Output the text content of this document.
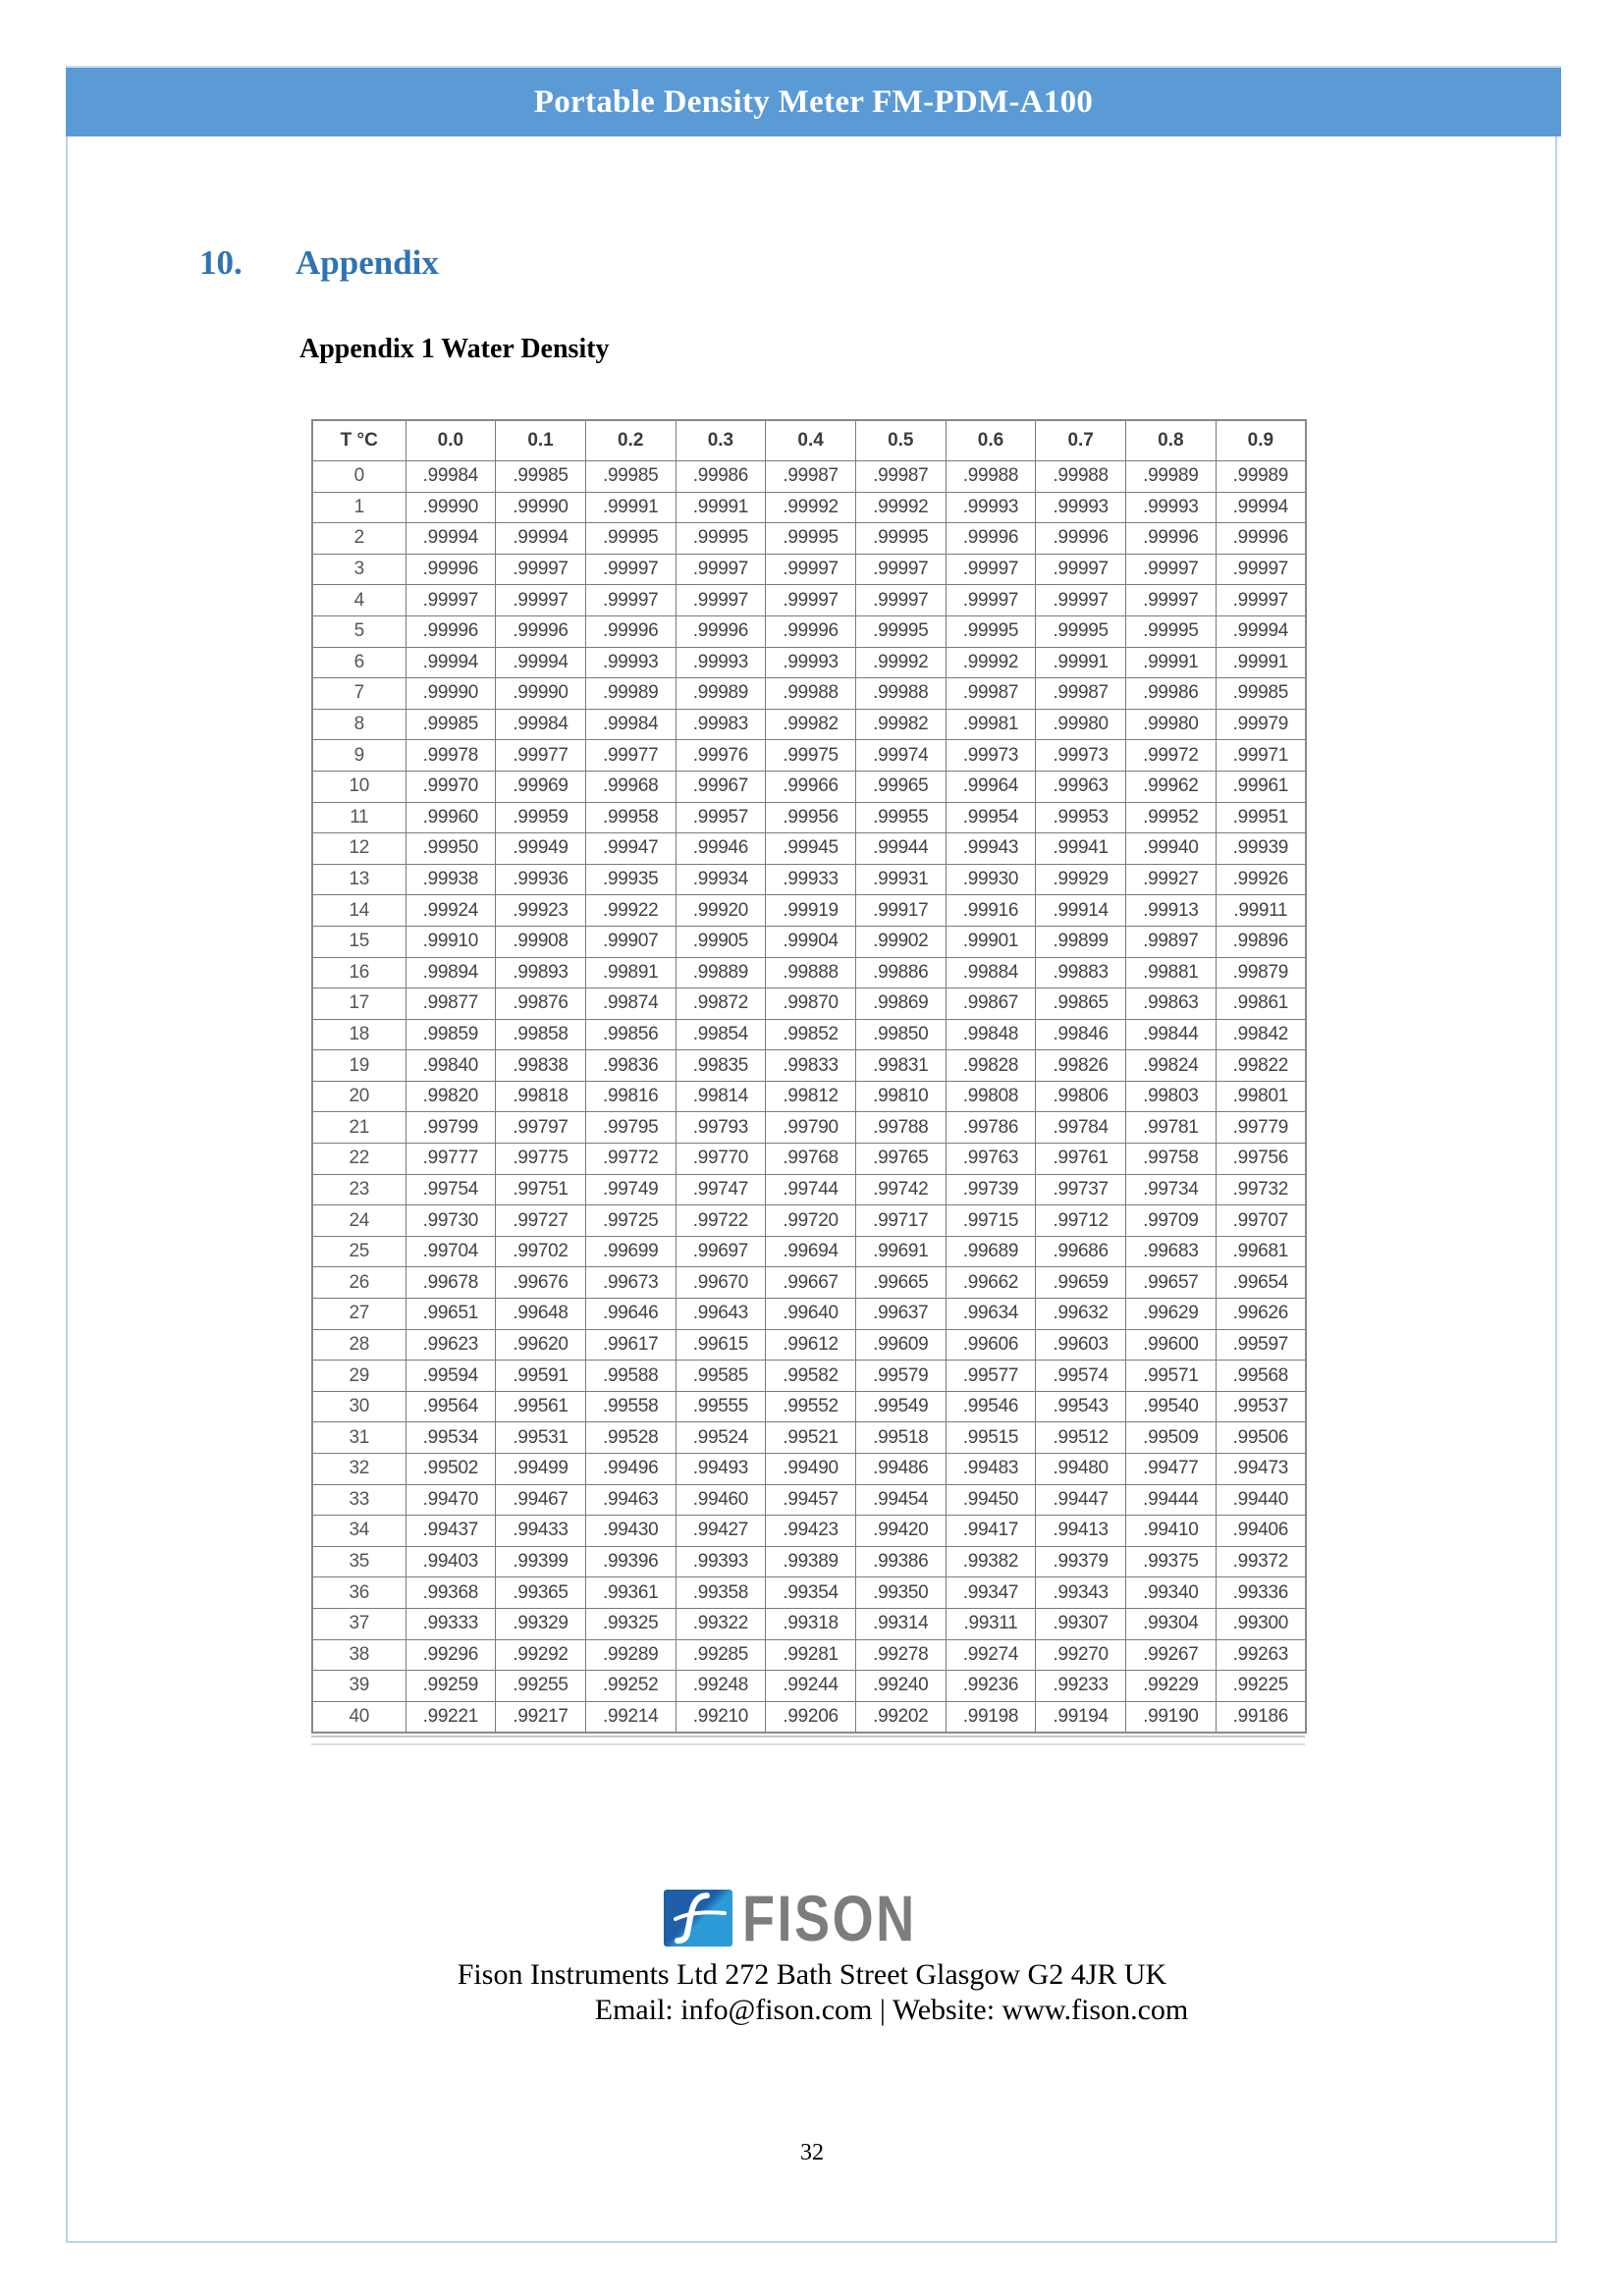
Portable Density Meter FM-PDM-A100
10.	Appendix
Appendix 1 Water Density
T °C	0.0	0.1	0.2	0.3	0.4	0.5	0.6	0.7	0.8	0.9
0	.99984	.99985	.99985	.99986	.99987	.99987	.99988	.99988	.99989	.99989
1	.99990	.99990	.99991	.99991	.99992	.99992	.99993	.99993	.99993	.99994
2	.99994	.99994	.99995	.99995	.99995	.99995	.99996	.99996	.99996	.99996
3	.99996	.99997	.99997	.99997	.99997	.99997	.99997	.99997	.99997	.99997
4	.99997	.99997	.99997	.99997	.99997	.99997	.99997	.99997	.99997	.99997
5	.99996	.99996	.99996	.99996	.99996	.99995	.99995	.99995	.99995	.99994
6	.99994	.99994	.99993	.99993	.99993	.99992	.99992	.99991	.99991	.99991
7	.99990	.99990	.99989	.99989	.99988	.99988	.99987	.99987	.99986	.99985
8	.99985	.99984	.99984	.99983	.99982	.99982	.99981	.99980	.99980	.99979
9	.99978	.99977	.99977	.99976	.99975	.99974	.99973	.99973	.99972	.99971
10	.99970	.99969	.99968	.99967	.99966	.99965	.99964	.99963	.99962	.99961
11	.99960	.99959	.99958	.99957	.99956	.99955	.99954	.99953	.99952	.99951
12	.99950	.99949	.99947	.99946	.99945	.99944	.99943	.99941	.99940	.99939
13	.99938	.99936	.99935	.99934	.99933	.99931	.99930	.99929	.99927	.99926
14	.99924	.99923	.99922	.99920	.99919	.99917	.99916	.99914	.99913	.99911
15	.99910	.99908	.99907	.99905	.99904	.99902	.99901	.99899	.99897	.99896
16	.99894	.99893	.99891	.99889	.99888	.99886	.99884	.99883	.99881	.99879
17	.99877	.99876	.99874	.99872	.99870	.99869	.99867	.99865	.99863	.99861
18	.99859	.99858	.99856	.99854	.99852	.99850	.99848	.99846	.99844	.99842
19	.99840	.99838	.99836	.99835	.99833	.99831	.99828	.99826	.99824	.99822
20	.99820	.99818	.99816	.99814	.99812	.99810	.99808	.99806	.99803	.99801
21	.99799	.99797	.99795	.99793	.99790	.99788	.99786	.99784	.99781	.99779
22	.99777	.99775	.99772	.99770	.99768	.99765	.99763	.99761	.99758	.99756
23	.99754	.99751	.99749	.99747	.99744	.99742	.99739	.99737	.99734	.99732
24	.99730	.99727	.99725	.99722	.99720	.99717	.99715	.99712	.99709	.99707
25	.99704	.99702	.99699	.99697	.99694	.99691	.99689	.99686	.99683	.99681
26	.99678	.99676	.99673	.99670	.99667	.99665	.99662	.99659	.99657	.99654
27	.99651	.99648	.99646	.99643	.99640	.99637	.99634	.99632	.99629	.99626
28	.99623	.99620	.99617	.99615	.99612	.99609	.99606	.99603	.99600	.99597
29	.99594	.99591	.99588	.99585	.99582	.99579	.99577	.99574	.99571	.99568
30	.99564	.99561	.99558	.99555	.99552	.99549	.99546	.99543	.99540	.99537
31	.99534	.99531	.99528	.99524	.99521	.99518	.99515	.99512	.99509	.99506
32	.99502	.99499	.99496	.99493	.99490	.99486	.99483	.99480	.99477	.99473
33	.99470	.99467	.99463	.99460	.99457	.99454	.99450	.99447	.99444	.99440
34	.99437	.99433	.99430	.99427	.99423	.99420	.99417	.99413	.99410	.99406
35	.99403	.99399	.99396	.99393	.99389	.99386	.99382	.99379	.99375	.99372
36	.99368	.99365	.99361	.99358	.99354	.99350	.99347	.99343	.99340	.99336
37	.99333	.99329	.99325	.99322	.99318	.99314	.99311	.99307	.99304	.99300
38	.99296	.99292	.99289	.99285	.99281	.99278	.99274	.99270	.99267	.99263
39	.99259	.99255	.99252	.99248	.99244	.99240	.99236	.99233	.99229	.99225
40	.99221	.99217	.99214	.99210	.99206	.99202	.99198	.99194	.99190	.99186
FISON
Fison Instruments Ltd 272 Bath Street Glasgow G2 4JR UK
Email: info@fison.com | Website: www.fison.com
32
